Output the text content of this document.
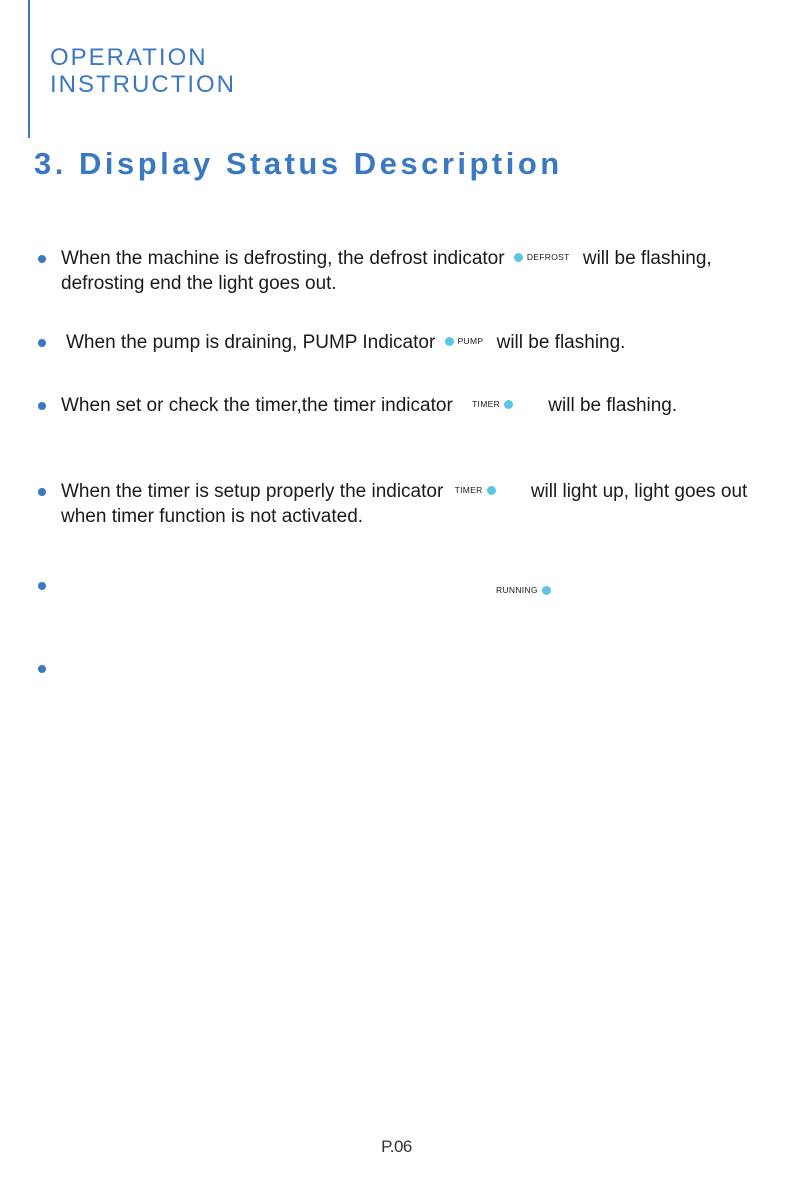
OPERATION
INSTRUCTION
3. Display Status Description
When the machine is defrosting, the defrost indicator	DEFROST will be flashing, defrosting end the light goes out.
When the pump is draining, PUMP Indicator	PUMP will be flashing.
When set or check the timer,the timer indicator TIMER	will be flashing.
When the timer is setup properly the indicator TIMER	will light up, light goes out when timer function is not activated.
RUNNING
P.06
